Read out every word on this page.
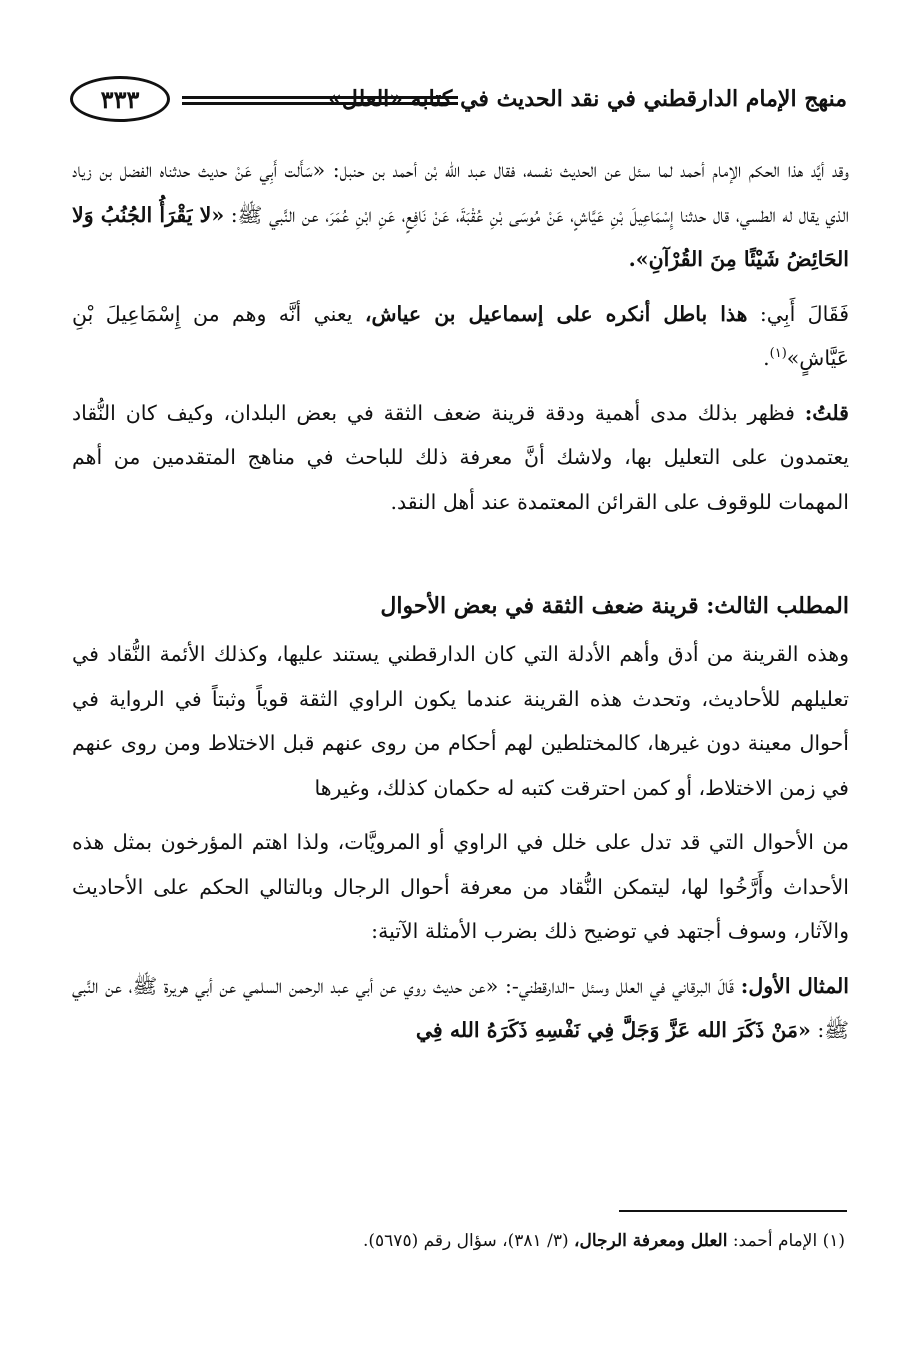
منهج الإمام الدارقطني في نقد الحديث في كتابه «العلل»
٣٣٣

وقد أيَّد هذا الحكم الإمام أحمد لما سئل عن الحديث نفسه، فقال عبد الله بْن أحمد بن حنبل: «سَأَلت أَبِي عَنْ حديث حدثناه الفضل بن زياد الذي يقال له الطسي، قال حدثنا إِسْمَاعِيلَ بْنِ عَيَّاشٍ، عَنْ مُوسَى بْنِ عُقْبَةَ، عَنْ نَافِعٍ، عَنِ ابْنِ عُمَرَ، عن النَّبي ﷺ: «لا يَقْرَأُ الجُنُبُ وَلا الحَائِضُ شَيْئًا مِنَ القُرْآنِ».

فَقَالَ أَبِي: هذا باطل أنكره على إسماعيل بن عياش، يعني أنَّه وهم من إِسْمَاعِيلَ بْنِ عَيَّاشٍ»$^{(١)}$.

قلتُ: فظهر بذلك مدى أهمية ودقة قرينة ضعف الثقة في بعض البلدان، وكيف كان النُّقاد يعتمدون على التعليل بها، ولاشك أنَّ معرفة ذلك للباحث في مناهج المتقدمين من أهم المهمات للوقوف على القرائن المعتمدة عند أهل النقد.

المطلب الثالث: قرينة ضعف الثقة في بعض الأحوال

وهذه القرينة من أدق وأهم الأدلة التي كان الدارقطني يستند عليها، وكذلك الأئمة النُّقاد في تعليلهم للأحاديث، وتحدث هذه القرينة عندما يكون الراوي الثقة قوياً وثبتاً في الرواية في أحوال معينة دون غيرها، كالمختلطين لهم أحكام من روى عنهم قبل الاختلاط ومن روى عنهم في زمن الاختلاط، أو كمن احترقت كتبه له حكمان كذلك، وغيرها

من الأحوال التي قد تدل على خلل في الراوي أو المرويَّات، ولذا اهتم المؤرخون بمثل هذه الأحداث وأَرَّخُوا لها، ليتمكن النُّقاد من معرفة أحوال الرجال وبالتالي الحكم على الأحاديث والآثار، وسوف أجتهد في توضيح ذلك بضرب الأمثلة الآتية:

المثال الأول: قَالَ البرقاني في العلل وسئل -الدارقطني-: «عن حديث روي عن أبي عبد الرحمن السلمي عن أبي هريرة ﷺ، عن النَّبي ﷺ: «مَنْ ذَكَرَ الله عَزَّ وَجَلَّ فِي نَفْسِهِ ذَكَرَهُ الله فِي

(١) الإمام أحمد: العلل ومعرفة الرجال، (٣/ ٣٨١)، سؤال رقم (٥٦٧٥).
